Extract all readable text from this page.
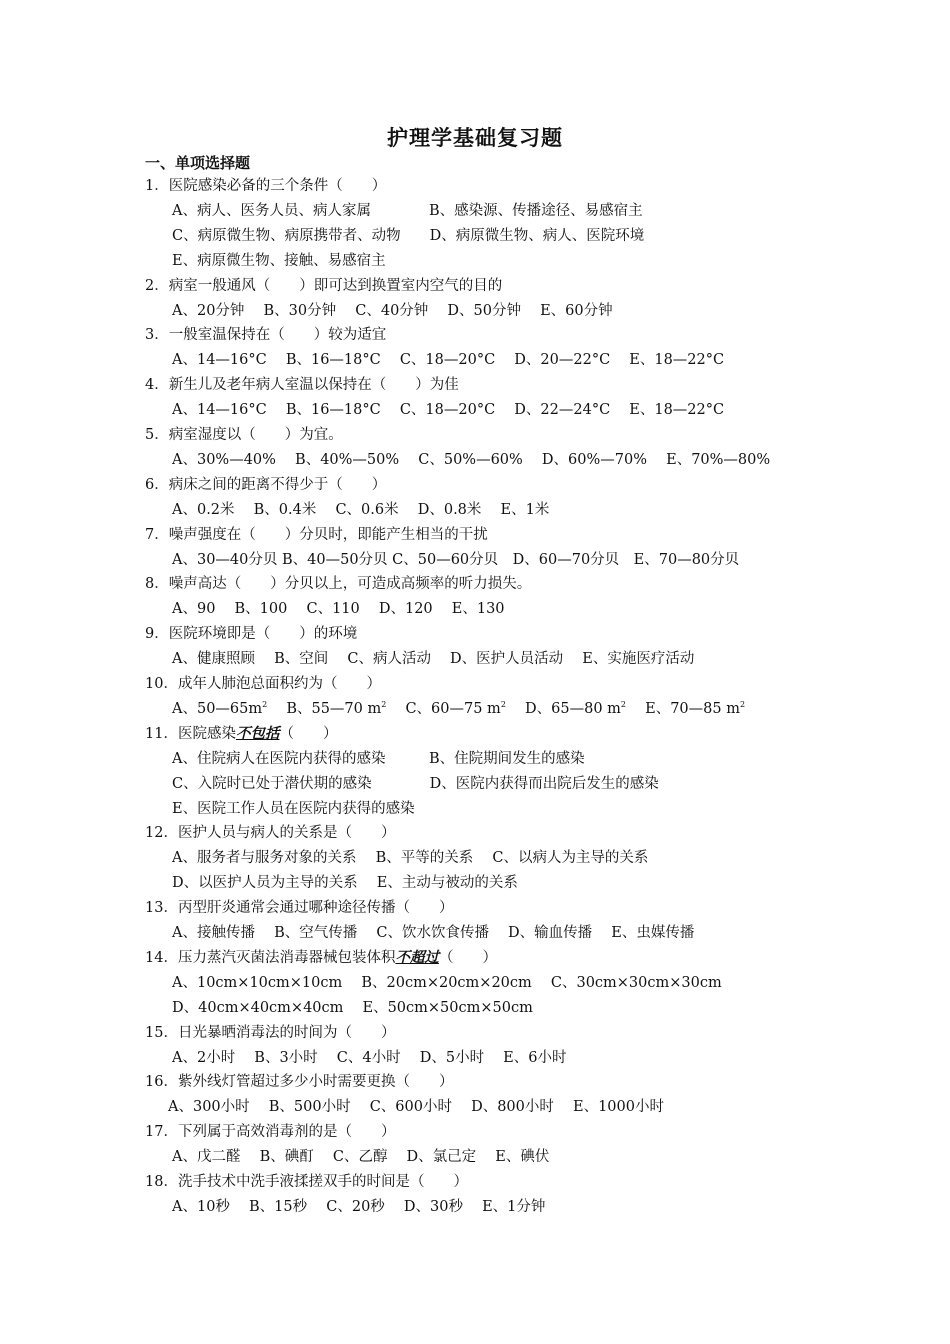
护理学基础复习题
一、单项选择题
1．医院感染必备的三个条件（　　）
A、病人、医务人员、病人家属　　　　B、感染源、传播途径、易感宿主
C、病原微生物、病原携带者、动物　　D、病原微生物、病人、医院环境
E、病原微生物、接触、易感宿主
2．病室一般通风（　　）即可达到换置室内空气的目的
A、20分钟　 B、30分钟　 C、40分钟　 D、50分钟　 E、60分钟
3．一般室温保持在（　　）较为适宜
A、14—16°C　 B、16—18°C　 C、18—20°C　 D、20—22°C　 E、18—22°C
4．新生儿及老年病人室温以保持在（　　）为佳
A、14—16°C　 B、16—18°C　 C、18—20°C　 D、22—24°C　 E、18—22°C
5．病室湿度以（　　）为宜。
A、30%—40%　 B、40%—50%　 C、50%—60%　 D、60%—70%　 E、70%—80%
6．病床之间的距离不得少于（　　）
A、0.2米　 B、0.4米　 C、0.6米　 D、0.8米　 E、1米
7．噪声强度在（　　）分贝时，即能产生相当的干扰
A、30—40分贝 B、40—50分贝 C、50—60分贝　D、60—70分贝　E、70—80分贝
8．噪声高达（　　）分贝以上，可造成高频率的听力损失。
A、90　 B、100　 C、110　 D、120　 E、130
9．医院环境即是（　　）的环境
A、健康照顾　 B、空间　 C、病人活动　 D、医护人员活动　 E、实施医疗活动
10．成年人肺泡总面积约为（　　）
A、$50—65m^2$　 B、55—70 $m^2$　 C、60—75 $m^2$　 D、65—80 $m^2$　 E、70—85 $m^2$
11．医院感染不包括（　　）
A、住院病人在医院内获得的感染　　　B、住院期间发生的感染
C、入院时已处于潜伏期的感染　　　　D、医院内获得而出院后发生的感染
E、医院工作人员在医院内获得的感染
12．医护人员与病人的关系是（　　）
A、服务者与服务对象的关系　 B、平等的关系　 C、以病人为主导的关系
D、以医护人员为主导的关系　 E、主动与被动的关系
13．丙型肝炎通常会通过哪种途径传播（　　）
A、接触传播　 B、空气传播　 C、饮水饮食传播　 D、输血传播　 E、虫媒传播
14．压力蒸汽灭菌法消毒器械包装体积不超过（　　）
A、10cm×10cm×10cm　 B、20cm×20cm×20cm　 C、30cm×30cm×30cm
D、40cm×40cm×40cm　 E、50cm×50cm×50cm
15．日光暴晒消毒法的时间为（　　）
A、2小时　 B、3小时　 C、4小时　 D、5小时　 E、6小时
16．紫外线灯管超过多少小时需要更换（　　）
A、300小时　 B、500小时　 C、600小时　 D、800小时　 E、1000小时
17．下列属于高效消毒剂的是（　　）
A、戊二醛　 B、碘酊　 C、乙醇　 D、氯己定　 E、碘伏
18．洗手技术中洗手液揉搓双手的时间是（　　）
A、10秒　 B、15秒　 C、20秒　 D、30秒　 E、1分钟
